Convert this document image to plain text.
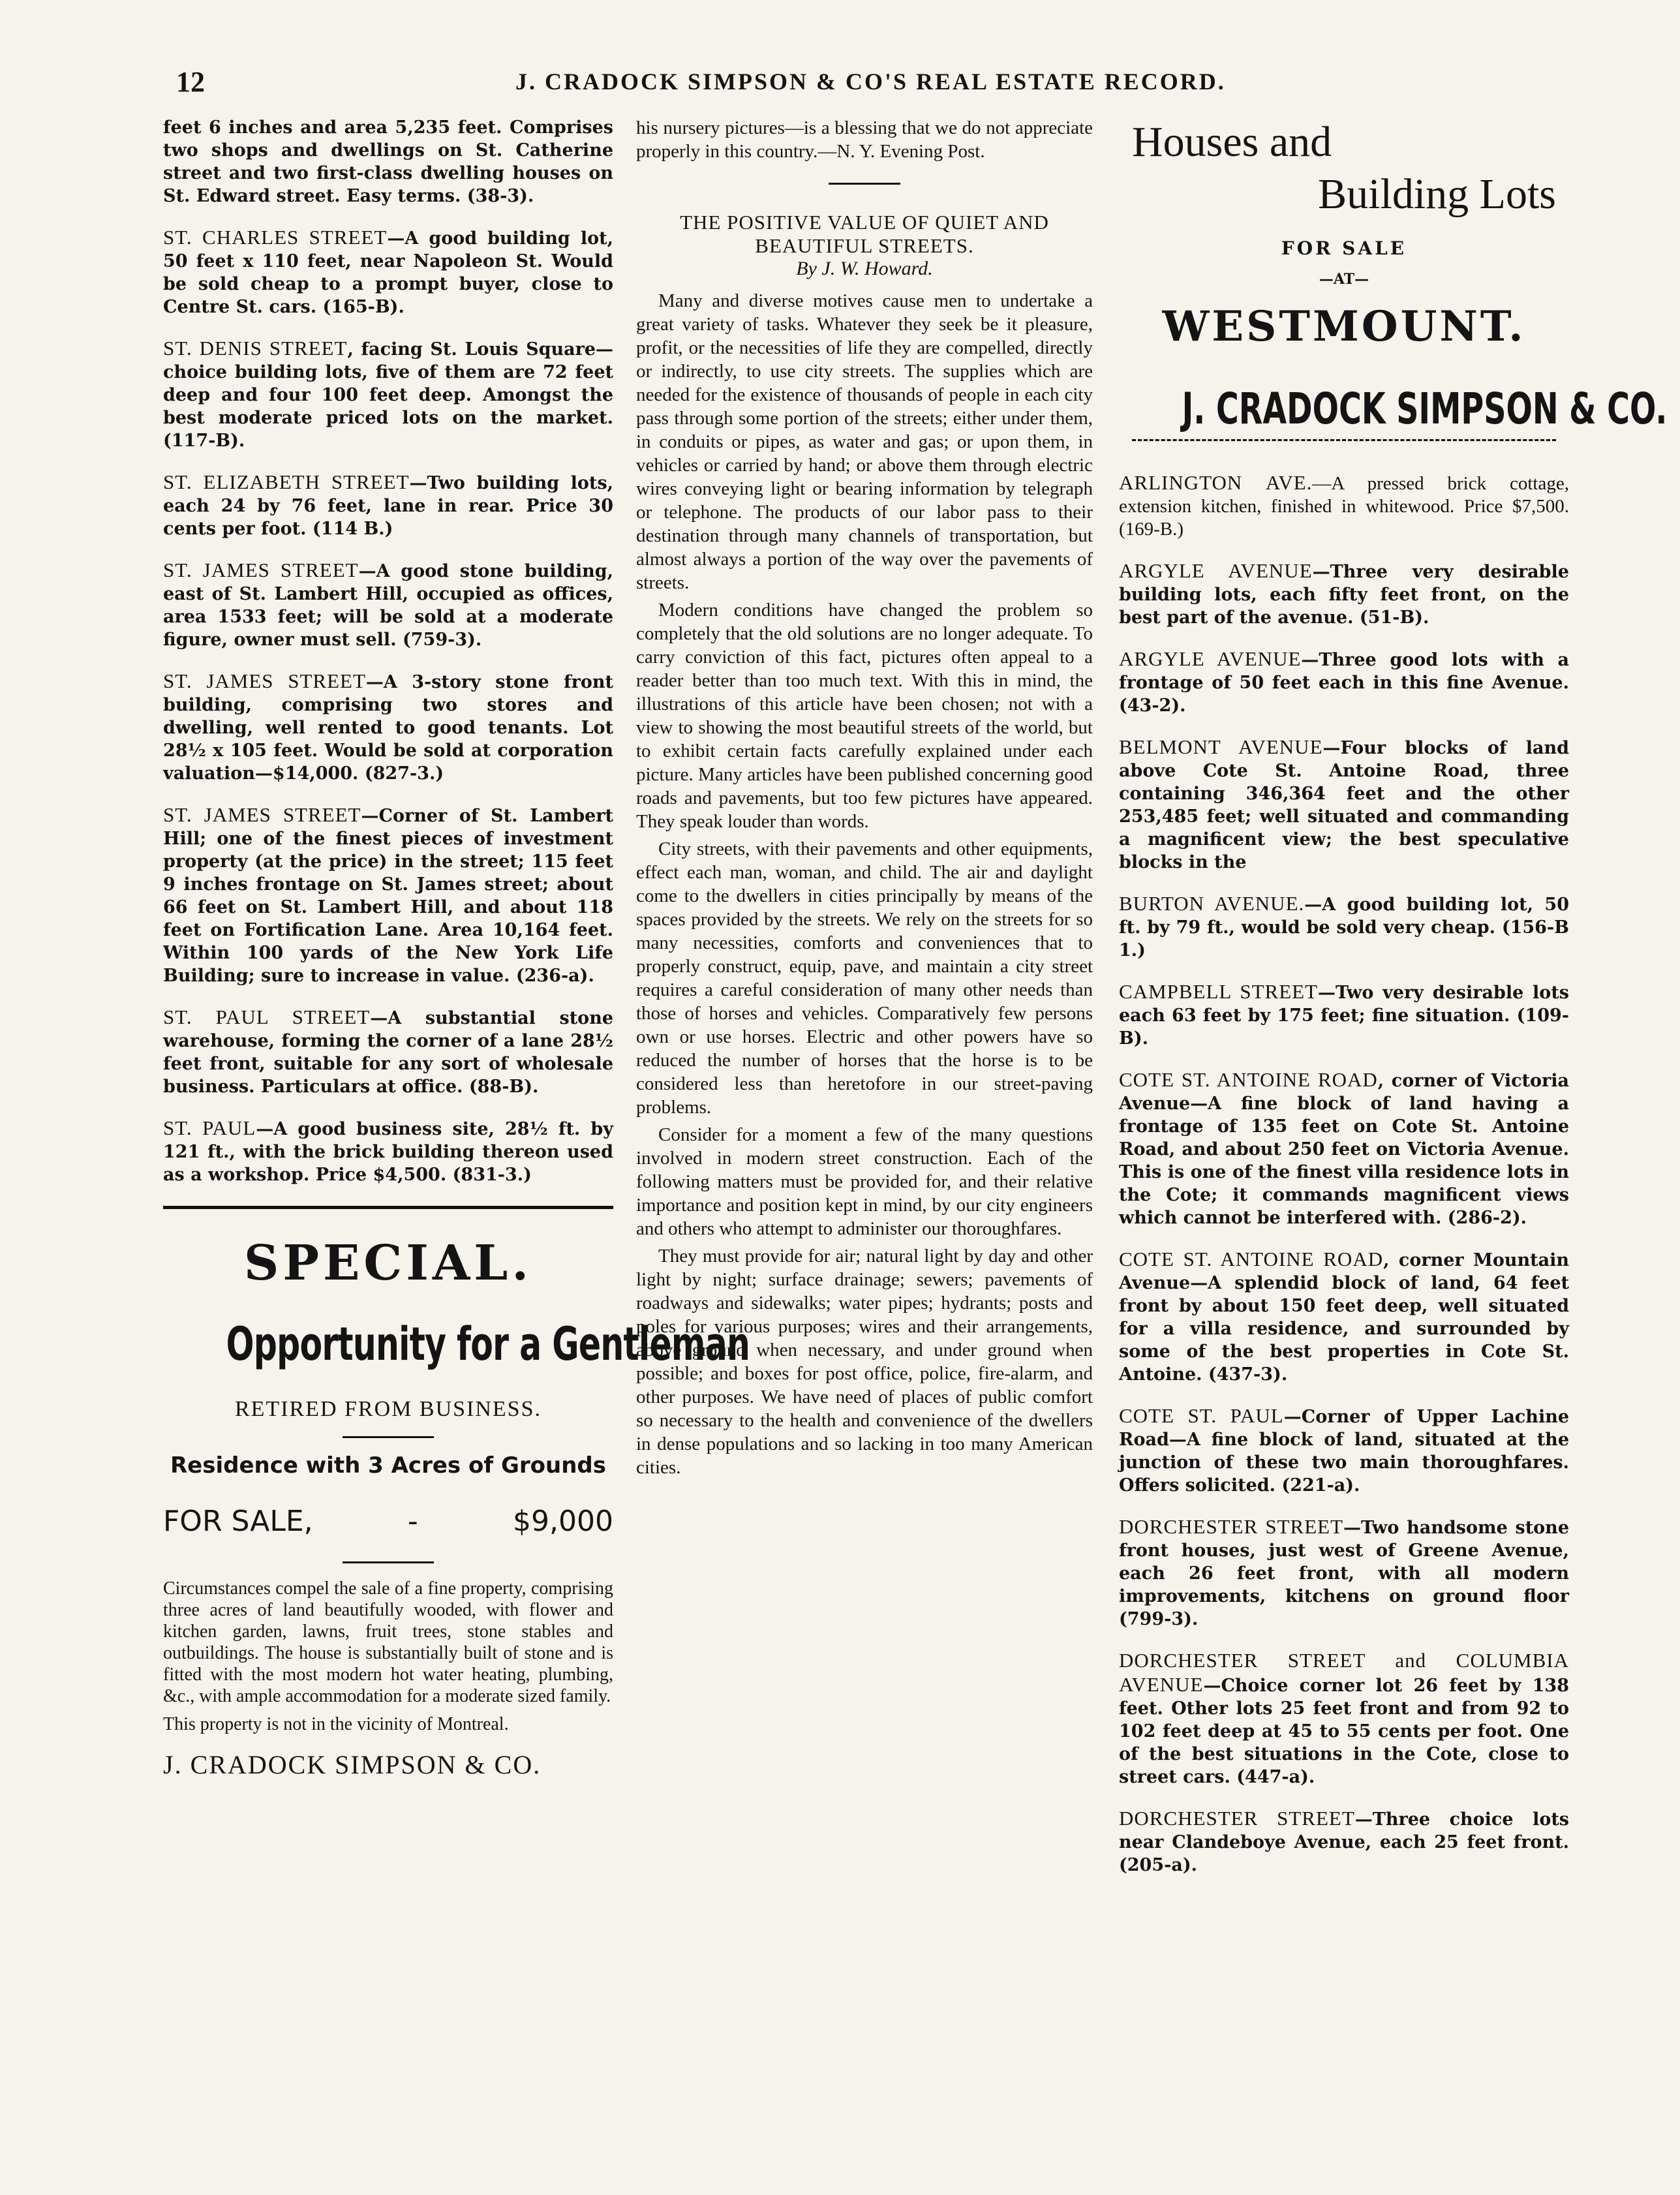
12	J. CRADOCK SIMPSON & CO'S REAL ESTATE RECORD.

feet 6 inches and area 5,235 feet. Comprises two shops and dwellings on St. Catherine street and two first-class dwelling houses on St. Edward street. Easy terms. (38-3).

ST. CHARLES STREET—A good building lot, 50 feet x 110 feet, near Napoleon St. Would be sold cheap to a prompt buyer, close to Centre St. cars. (165-B).

ST. DENIS STREET, facing St. Louis Square— choice building lots, five of them are 72 feet deep and four 100 feet deep. Amongst the best moderate priced lots on the market. (117-B).

ST. ELIZABETH STREET—Two building lots, each 24 by 76 feet, lane in rear. Price 30 cents per foot. (114 B.)

ST. JAMES STREET—A good stone building, east of St. Lambert Hill, occupied as offices, area 1533 feet; will be sold at a moderate figure, owner must sell. (759-3).

ST. JAMES STREET—A 3-story stone front building, comprising two stores and dwelling, well rented to good tenants. Lot 28½ x 105 feet. Would be sold at corporation valuation—$14,000. (827-3.)

ST. JAMES STREET—Corner of St. Lambert Hill; one of the finest pieces of investment property (at the price) in the street; 115 feet 9 inches frontage on St. James street; about 66 feet on St. Lambert Hill, and about 118 feet on Fortification Lane. Area 10,164 feet. Within 100 yards of the New York Life Building; sure to increase in value. (236-a).

ST. PAUL STREET—A substantial stone warehouse, forming the corner of a lane 28½ feet front, suitable for any sort of wholesale business. Particulars at office. (88-B).

ST. PAUL—A good business site, 28½ ft. by 121 ft., with the brick building thereon used as a workshop. Price $4,500. (831-3.)

SPECIAL.
Opportunity for a Gentleman
RETIRED FROM BUSINESS.
Residence with 3 Acres of Grounds
FOR SALE,	-	$9,000

Circumstances compel the sale of a fine property, comprising three acres of land beautifully wooded, with flower and kitchen garden, lawns, fruit trees, stone stables and outbuildings. The house is substantially built of stone and is fitted with the most modern hot water heating, plumbing, &c., with ample accommodation for a moderate sized family.

This property is not in the vicinity of Montreal.

J. CRADOCK SIMPSON & CO.

his nursery pictures—is a blessing that we do not appreciate properly in this country.—N. Y. Evening Post.

THE POSITIVE VALUE OF QUIET AND BEAUTIFUL STREETS.
By J. W. Howard.

Many and diverse motives cause men to undertake a great variety of tasks. Whatever they seek be it pleasure, profit, or the necessities of life they are compelled, directly or indirectly, to use city streets. The supplies which are needed for the existence of thousands of people in each city pass through some portion of the streets; either under them, in conduits or pipes, as water and gas; or upon them, in vehicles or carried by hand; or above them through electric wires conveying light or bearing information by telegraph or telephone. The products of our labor pass to their destination through many channels of transportation, but almost always a portion of the way over the pavements of streets.

Modern conditions have changed the problem so completely that the old solutions are no longer adequate. To carry conviction of this fact, pictures often appeal to a reader better than too much text. With this in mind, the illustrations of this article have been chosen; not with a view to showing the most beautiful streets of the world, but to exhibit certain facts carefully explained under each picture. Many articles have been published concerning good roads and pavements, but too few pictures have appeared. They speak louder than words.

City streets, with their pavements and other equipments, effect each man, woman, and child. The air and daylight come to the dwellers in cities principally by means of the spaces provided by the streets. We rely on the streets for so many necessities, comforts and conveniences that to properly construct, equip, pave, and maintain a city street requires a careful consideration of many other needs than those of horses and vehicles. Comparatively few persons own or use horses. Electric and other powers have so reduced the number of horses that the horse is to be considered less than heretofore in our street-paving problems.

Consider for a moment a few of the many questions involved in modern street construction. Each of the following matters must be provided for, and their relative importance and position kept in mind, by our city engineers and others who attempt to administer our thoroughfares.

They must provide for air; natural light by day and other light by night; surface drainage; sewers; pavements of roadways and sidewalks; water pipes; hydrants; posts and poles for various purposes; wires and their arrangements, above ground when necessary, and under ground when possible; and boxes for post office, police, fire-alarm, and other purposes. We have need of places of public comfort so necessary to the health and convenience of the dwellers in dense populations and so lacking in too many American cities.

Houses and
Building Lots
FOR SALE
—AT—
WESTMOUNT.
J. CRADOCK SIMPSON & CO.

ARLINGTON AVE.—A pressed brick cottage, extension kitchen, finished in whitewood. Price $7,500. (169-B.)

ARGYLE AVENUE—Three very desirable building lots, each fifty feet front, on the best part of the avenue. (51-B).

ARGYLE AVENUE—Three good lots with a frontage of 50 feet each in this fine Avenue. (43-2).

BELMONT AVENUE—Four blocks of land above Cote St. Antoine Road, three containing 346,364 feet and the other 253,485 feet; well situated and commanding a magnificent view; the best speculative blocks in the

BURTON AVENUE.—A good building lot, 50 ft. by 79 ft., would be sold very cheap. (156-B 1.)

CAMPBELL STREET—Two very desirable lots each 63 feet by 175 feet; fine situation. (109-B).

COTE ST. ANTOINE ROAD, corner of Victoria Avenue—A fine block of land having a frontage of 135 feet on Cote St. Antoine Road, and about 250 feet on Victoria Avenue. This is one of the finest villa residence lots in the Cote; it commands magnificent views which cannot be interfered with. (286-2).

COTE ST. ANTOINE ROAD, corner Mountain Avenue—A splendid block of land, 64 feet front by about 150 feet deep, well situated for a villa residence, and surrounded by some of the best properties in Cote St. Antoine. (437-3).

COTE ST. PAUL—Corner of Upper Lachine Road—A fine block of land, situated at the junction of these two main thoroughfares. Offers solicited. (221-a).

DORCHESTER STREET—Two handsome stone front houses, just west of Greene Avenue, each 26 feet front, with all modern improvements, kitchens on ground floor (799-3).

DORCHESTER STREET and COLUMBIA AVENUE—Choice corner lot 26 feet by 138 feet. Other lots 25 feet front and from 92 to 102 feet deep at 45 to 55 cents per foot. One of the best situations in the Cote, close to street cars. (447-a).

DORCHESTER STREET—Three choice lots near Clandeboye Avenue, each 25 feet front. (205-a).
